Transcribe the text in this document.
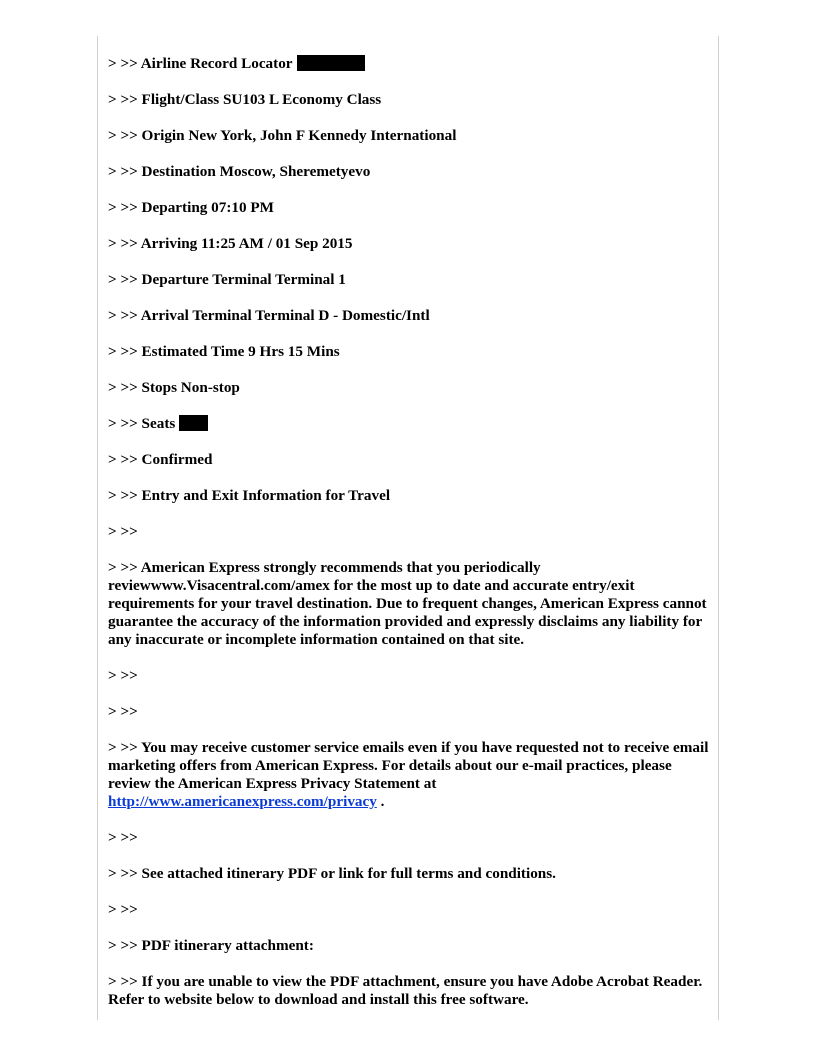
> >> Airline Record Locator

> >> Flight/Class SU103 L Economy Class

> >> Origin New York, John F Kennedy International

> >> Destination Moscow, Sheremetyevo

> >> Departing 07:10 PM

> >> Arriving 11:25 AM / 01 Sep 2015

> >> Departure Terminal Terminal 1

> >> Arrival Terminal Terminal D - Domestic/Intl

> >> Estimated Time 9 Hrs 15 Mins

> >> Stops Non-stop

> >> Seats

> >> Confirmed

> >> Entry and Exit Information for Travel

> >>

> >> American Express strongly recommends that you periodically reviewwww.Visacentral.com/amex for the most up to date and accurate entry/exit requirements for your travel destination. Due to frequent changes, American Express cannot guarantee the accuracy of the information provided and expressly disclaims any liability for any inaccurate or incomplete information contained on that site.

> >>

> >>

> >> You may receive customer service emails even if you have requested not to receive email marketing offers from American Express. For details about our e-mail practices, please review the American Express Privacy Statement at
http://www.americanexpress.com/privacy .

> >>

> >> See attached itinerary PDF or link for full terms and conditions.

> >>

> >> PDF itinerary attachment:

> >> If you are unable to view the PDF attachment, ensure you have Adobe Acrobat Reader. Refer to website below to download and install this free software.
